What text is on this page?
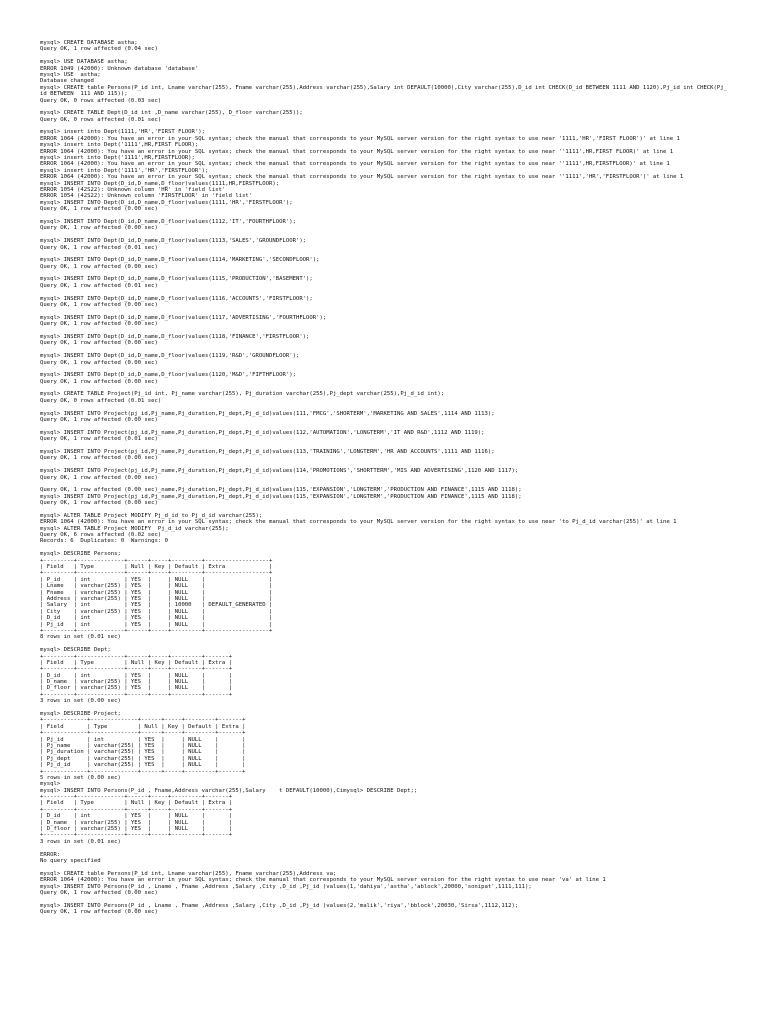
mysql> CREATE DATABASE astha;
Query OK, 1 row affected (0.04 sec)
mysql> USE DATABASE astha;
ERROR 1049 (42000): Unknown database 'database'
mysql> USE  astha;
Database changed
mysql> CREATE table Persons(P_id int, Lname varchar(255), Fname varchar(255),Address varchar(255),Salary int DEFAULT(10000),City varchar(255),D_id int CHECK(D_id BETWEEN 1111 AND 1120),Pj_id int CHECK(Pj_
id BETWEEN  111 AND 115));
Query OK, 0 rows affected (0.03 sec)
mysql> CREATE TABLE Dept(D_id int ,D_name varchar(255), D_floor varchar(255));
Query OK, 0 rows affected (0.01 sec)
mysql> insert into Dept(1111,'HR','FIRST FLOOR');
ERROR 1064 (42000): You have an error in your SQL syntax; check the manual that corresponds to your MySQL server version for the right syntax to use near '1111,'HR','FIRST FLOOR')' at line 1
mysql> insert into Dept('1111',HR,FIRST FLOOR);
ERROR 1064 (42000): You have an error in your SQL syntax; check the manual that corresponds to your MySQL server version for the right syntax to use near ''1111',HR,FIRST FLOOR)' at line 1
mysql> insert into Dept('1111',HR,FIRSTFLOOR);
ERROR 1064 (42000): You have an error in your SQL syntax; check the manual that corresponds to your MySQL server version for the right syntax to use near ''1111',HR,FIRSTFLOOR)' at line 1
mysql> insert into Dept('1111','HR','FIRSTFLOOR');
ERROR 1064 (42000): You have an error in your SQL syntax; check the manual that corresponds to your MySQL server version for the right syntax to use near ''1111','HR','FIRSTFLOOR')' at line 1
mysql> INSERT INTO Dept(D_id,D_name,D_floor)values(1111,HR,FIRSTFLOOR);
ERROR 1054 (42S22): Unknown column 'HR' in 'field list'
ERROR 1054 (42S22): Unknown column 'FIRSTFLOOR' in 'field list'
mysql> INSERT INTO Dept(D_id,D_name,D_floor)values(1111,'HR','FIRSTFLOOR');
Query OK, 1 row affected (0.00 sec)
mysql> INSERT INTO Dept(D_id,D_name,D_floor)values(1112,'IT','FOURTHFLOOR');
Query OK, 1 row affected (0.00 sec)
mysql> INSERT INTO Dept(D_id,D_name,D_floor)values(1113,'SALES','GROUNDFLOOR');
Query OK, 1 row affected (0.01 sec)
mysql> INSERT INTO Dept(D_id,D_name,D_floor)values(1114,'MARKETING','SECONDFLOOR');
Query OK, 1 row affected (0.00 sec)
mysql> INSERT INTO Dept(D_id,D_name,D_floor)values(1115,'PRODUCTION','BASEMENT');
Query OK, 1 row affected (0.01 sec)
mysql> INSERT INTO Dept(D_id,D_name,D_floor)values(1116,'ACCOUNTS','FIRSTFLOOR');
Query OK, 1 row affected (0.00 sec)
mysql> INSERT INTO Dept(D_id,D_name,D_floor)values(1117,'ADVERTISING','FOURTHFLOOR');
Query OK, 1 row affected (0.00 sec)
mysql> INSERT INTO Dept(D_id,D_name,D_floor)values(1118,'FINANCE','FIRSTFLOOR');
Query OK, 1 row affected (0.00 sec)
mysql> INSERT INTO Dept(D_id,D_name,D_floor)values(1119,'R&D','GROUNDFLOOR');
Query OK, 1 row affected (0.00 sec)
mysql> INSERT INTO Dept(D_id,D_name,D_floor)values(1120,'M&D','FIFTHFLOOR');
Query OK, 1 row affected (0.00 sec)
mysql> CREATE TABLE Project(Pj_id int, Pj_name varchar(255), Pj_duration varchar(255),Pj_dept varchar(255),Pj_d_id int);
Query OK, 0 rows affected (0.01 sec)
mysql> INSERT INTO Project(pj_id,Pj_name,Pj_duration,Pj_dept,Pj_d_id)values(111,'FMCG','SHORTERM','MARKETING AND SALES',1114 AND 1113);
Query OK, 1 row affected (0.00 sec)
mysql> INSERT INTO Project(pj_id,Pj_name,Pj_duration,Pj_dept,Pj_d_id)values(112,'AUTOMATION','LONGTERM','IT AND R&D',1112 AND 1119);
Query OK, 1 row affected (0.01 sec)
mysql> INSERT INTO Project(pj_id,Pj_name,Pj_duration,Pj_dept,Pj_d_id)values(113,'TRAINING','LONGTERM','HR AND ACCOUNTS',1111 AND 1116);
Query OK, 1 row affected (0.00 sec)
mysql> INSERT INTO Project(pj_id,Pj_name,Pj_duration,Pj_dept,Pj_d_id)values(114,'PROMOTIONS','SHORTTERM','MIS AND ADVERTISING',1120 AND 1117);
Query OK, 1 row affected (0.00 sec)
Query OK, 1 row affected (0.00 sec)_name,Pj_duration,Pj_dept,Pj_d_id)values(115,'EXPANSION','LONGTERM','PRODUCTION AND FINANCE',1115 AND 1118);
mysql> INSERT INTO Project(pj_id,Pj_name,Pj_duration,Pj_dept,Pj_d_id)values(115,'EXPANSION','LONGTERM','PRODUCTION AND FINANCE',1115 AND 1118);
Query OK, 1 row affected (0.00 sec)
mysql> ALTER TABLE Project MODIFY Pj_d_id to Pj_d_id varchar(255);
ERROR 1064 (42000): You have an error in your SQL syntax; check the manual that corresponds to your MySQL server version for the right syntax to use near 'to Pj_d_id varchar(255)' at line 1
mysql> ALTER TABLE Project MODIFY  Pj_d_id varchar(255);
Query OK, 6 rows affected (0.02 sec)
Records: 6  Duplicates: 0  Warnings: 0
mysql> DESCRIBE Persons;
+---------+--------------+------+-----+---------+-------------------+
| Field   | Type         | Null | Key | Default | Extra             |
+---------+--------------+------+-----+---------+-------------------+
| P_id    | int          | YES  |     | NULL    |                   |
| Lname   | varchar(255) | YES  |     | NULL    |                   |
| Fname   | varchar(255) | YES  |     | NULL    |                   |
| Address | varchar(255) | YES  |     | NULL    |                   |
| Salary  | int          | YES  |     | 10000   | DEFAULT_GENERATED |
| City    | varchar(255) | YES  |     | NULL    |                   |
| D_id    | int          | YES  |     | NULL    |                   |
| Pj_id   | int          | YES  |     | NULL    |                   |
+---------+--------------+------+-----+---------+-------------------+
8 rows in set (0.01 sec)
mysql> DESCRIBE Dept;
+---------+--------------+------+-----+---------+-------+
| Field   | Type         | Null | Key | Default | Extra |
+---------+--------------+------+-----+---------+-------+
| D_id    | int          | YES  |     | NULL    |       |
| D_name  | varchar(255) | YES  |     | NULL    |       |
| D_floor | varchar(255) | YES  |     | NULL    |       |
+---------+--------------+------+-----+---------+-------+
3 rows in set (0.00 sec)
mysql> DESCRIBE Project;
+-------------+--------------+------+-----+---------+-------+
| Field       | Type         | Null | Key | Default | Extra |
+-------------+--------------+------+-----+---------+-------+
| Pj_id       | int          | YES  |     | NULL    |       |
| Pj_name     | varchar(255) | YES  |     | NULL    |       |
| Pj_duration | varchar(255) | YES  |     | NULL    |       |
| Pj_dept     | varchar(255) | YES  |     | NULL    |       |
| Pj_d_id     | varchar(255) | YES  |     | NULL    |       |
+-------------+--------------+------+-----+---------+-------+
5 rows in set (0.00 sec)
mysql>
mysql> INSERT INTO Persons(P_id , Fname,Address varchar(255),Salary    t DEFAULT(10000),Cimysql> DESCRIBE Dept;;
+---------+--------------+------+-----+---------+-------+
| Field   | Type         | Null | Key | Default | Extra |
+---------+--------------+------+-----+---------+-------+
| D_id    | int          | YES  |     | NULL    |       |
| D_name  | varchar(255) | YES  |     | NULL    |       |
| D_floor | varchar(255) | YES  |     | NULL    |       |
+---------+--------------+------+-----+---------+-------+
3 rows in set (0.01 sec)
ERROR:
No query specified
mysql> CREATE table Persons(P_id int, Lname varchar(255), Fname varchar(255),Address va;
ERROR 1064 (42000): You have an error in your SQL syntax; check the manual that corresponds to your MySQL server version for the right syntax to use near 'va' at line 1
mysql> INSERT INTO Persons(P_id , Lname , Fname ,Address ,Salary ,City ,D_id ,Pj_id )values(1,'dahiya','astha','ablock',20000,'sonipat',1111,111);
Query OK, 1 row affected (0.00 sec)
mysql> INSERT INTO Persons(P_id , Lname , Fname ,Address ,Salary ,City ,D_id ,Pj_id )values(2,'malik','riya','bblock',20030,'Sirsa',1112,112);
Query OK, 1 row affected (0.00 sec)
